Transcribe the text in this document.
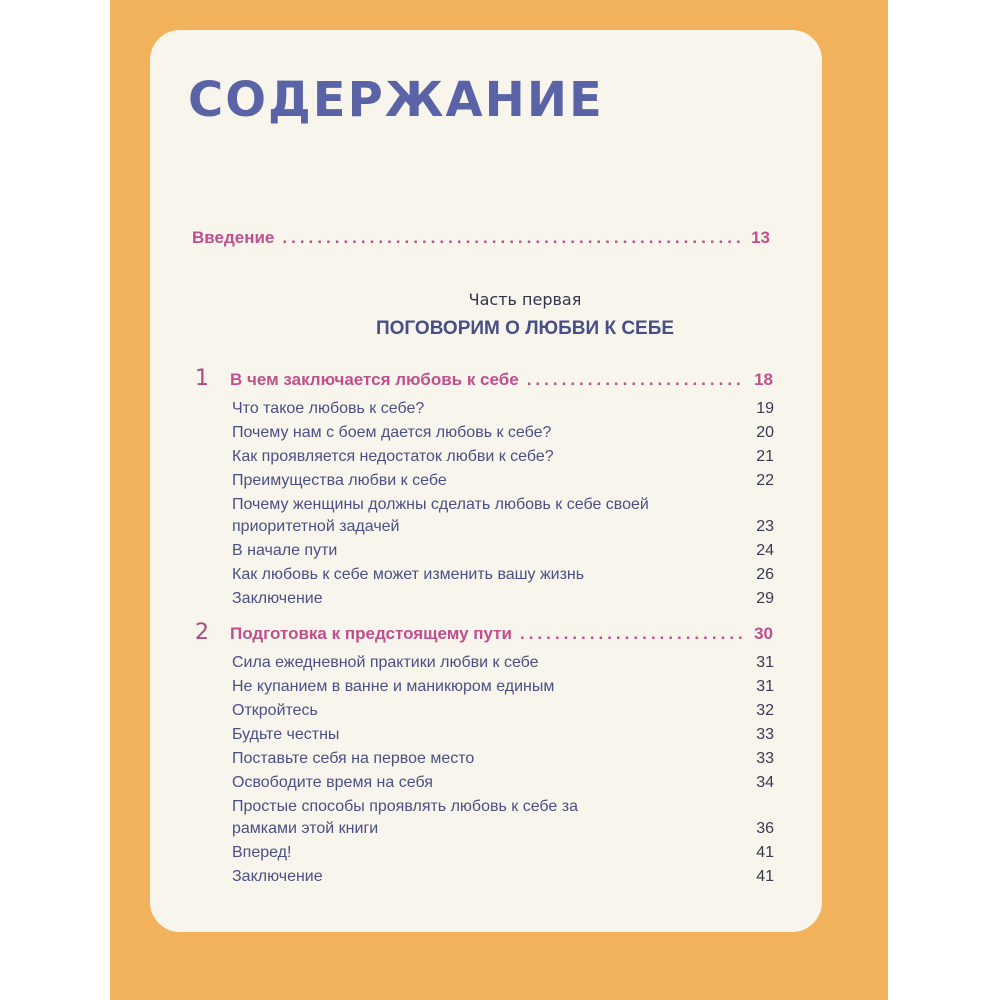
СОДЕРЖАНИЕ
Введение .....	13
Часть первая
ПОГОВОРИМ О ЛЮБВИ К СЕБЕ
1	В чем заключается любовь к себе .....	18
Что такое любовь к себе?	19
Почему нам с боем дается любовь к себе?	20
Как проявляется недостаток любви к себе?	21
Преимущества любви к себе	22
Почему женщины должны сделать любовь к себе своей приоритетной задачей	23
В начале пути	24
Как любовь к себе может изменить вашу жизнь	26
Заключение	29
2	Подготовка к предстоящему пути .....	30
Сила ежедневной практики любви к себе	31
Не купанием в ванне и маникюром единым	31
Откройтесь	32
Будьте честны	33
Поставьте себя на первое место	33
Освободите время на себя	34
Простые способы проявлять любовь к себе за рамками этой книги	36
Вперед!	41
Заключение	41
